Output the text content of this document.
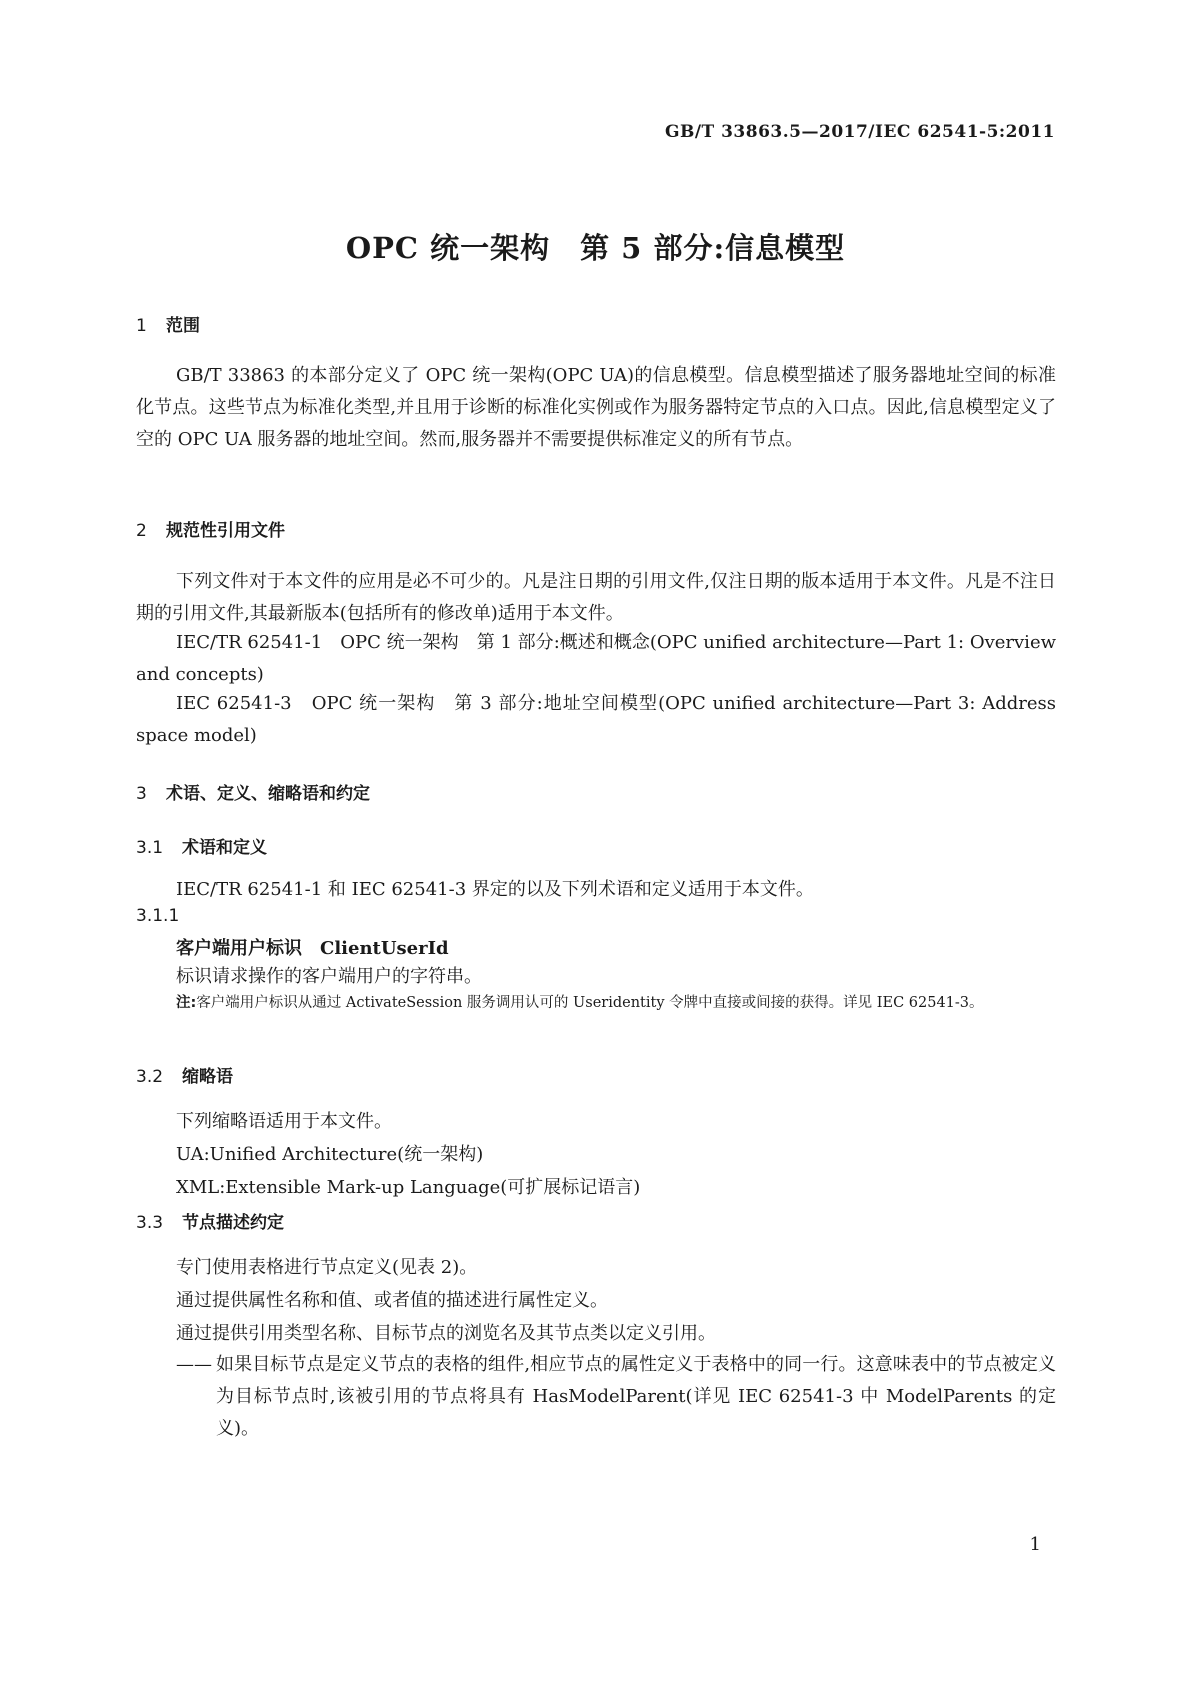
GB/T 33863.5—2017/IEC 62541-5:2011
OPC 统一架构　第 5 部分:信息模型
1 范围

GB/T 33863 的本部分定义了 OPC 统一架构(OPC UA)的信息模型。信息模型描述了服务器地址空间的标准化节点。这些节点为标准化类型,并且用于诊断的标准化实例或作为服务器特定节点的入口点。因此,信息模型定义了空的 OPC UA 服务器的地址空间。然而,服务器并不需要提供标准定义的所有节点。

2 规范性引用文件

下列文件对于本文件的应用是必不可少的。凡是注日期的引用文件,仅注日期的版本适用于本文件。凡是不注日期的引用文件,其最新版本(包括所有的修改单)适用于本文件。

IEC/TR 62541-1　OPC 统一架构　第 1 部分:概述和概念(OPC unified architecture—Part 1: Overview and concepts)

IEC 62541-3　OPC 统一架构　第 3 部分:地址空间模型(OPC unified architecture—Part 3: Address space model)

3 术语、定义、缩略语和约定
3.1 术语和定义
IEC/TR 62541-1 和 IEC 62541-3 界定的以及下列术语和定义适用于本文件。
3.1.1
客户端用户标识　ClientUserId
标识请求操作的客户端用户的字符串。
注:客户端用户标识从通过 ActivateSession 服务调用认可的 Useridentity 令牌中直接或间接的获得。详见 IEC 62541-3。
3.2 缩略语
下列缩略语适用于本文件。
UA:Unified Architecture(统一架构)
XML:Extensible Mark-up Language(可扩展标记语言)
3.3 节点描述约定
专门使用表格进行节点定义(见表 2)。
通过提供属性名称和值、或者值的描述进行属性定义。
通过提供引用类型名称、目标节点的浏览名及其节点类以定义引用。
—— 如果目标节点是定义节点的表格的组件,相应节点的属性定义于表格中的同一行。这意味表中的节点被定义为目标节点时,该被引用的节点将具有 HasModelParent(详见 IEC 62541-3 中 ModelParents 的定义)。

1
